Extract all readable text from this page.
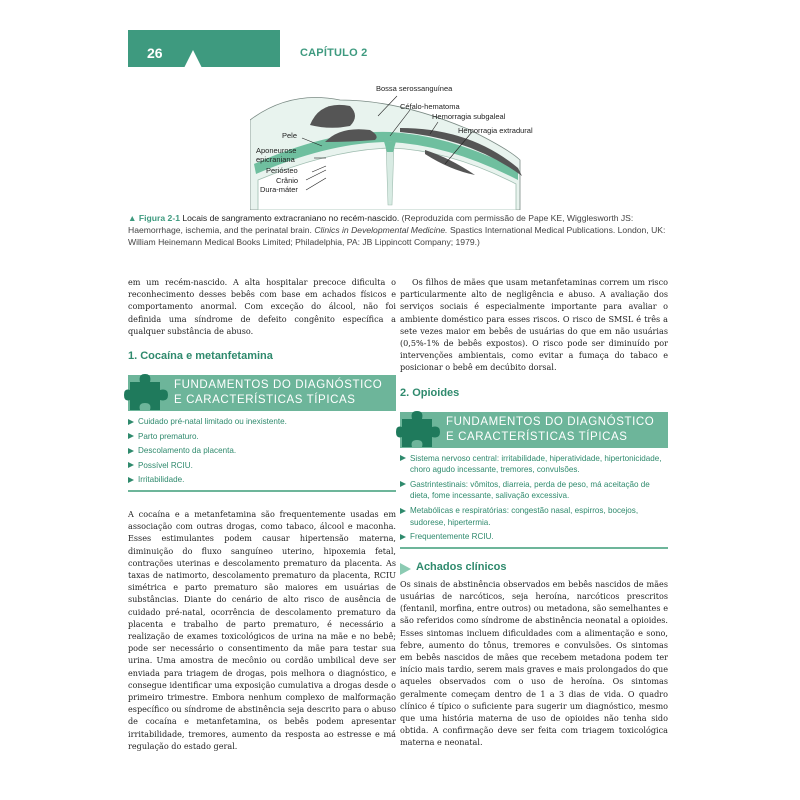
26	CAPÍTULO 2
Bossa serossanguínea
Céfalo-hematoma
Hemorragia subgaleal
Hemorragia extradural
Pele
Aponeurose
epicraniana
Periósteo
Crânio
Dura-máter
▲ Figura 2-1 Locais de sangramento extracraniano no recém-nascido. (Reproduzida com permissão de Pape KE, Wigglesworth JS: Haemorrhage, ischemia, and the perinatal brain. Clinics in Developmental Medicine. Spastics International Medical Publications. London, UK: William Heinemann Medical Books Limited; Philadelphia, PA: JB Lippincott Company; 1979.)

em um recém-nascido. A alta hospitalar precoce dificulta o reconhecimento desses bebês com base em achados físicos e comportamento anormal. Com exceção do álcool, não foi definida uma síndrome de defeito congênito específica a qualquer substância de abuso.

1. Cocaína e metanfetamina
FUNDAMENTOS DO DIAGNÓSTICO
E CARACTERÍSTICAS TÍPICAS
Cuidado pré-natal limitado ou inexistente.
Parto prematuro.
Descolamento da placenta.
Possível RCIU.
Irritabilidade.

A cocaína e a metanfetamina são frequentemente usadas em associação com outras drogas, como tabaco, álcool e maconha. Esses estimulantes podem causar hipertensão materna, diminuição do fluxo sanguíneo uterino, hipoxemia fetal, contrações uterinas e descolamento prematuro da placenta. As taxas de natimorto, descolamento prematuro da placenta, RCIU simétrica e parto prematuro são maiores em usuárias de substâncias. Diante do cenário de alto risco de ausência de cuidado pré-natal, ocorrência de descolamento prematuro da placenta e trabalho de parto prematuro, é necessário a realização de exames toxicológicos de urina na mãe e no bebê; pode ser necessário o consentimento da mãe para testar sua urina. Uma amostra de mecônio ou cordão umbilical deve ser enviada para triagem de drogas, pois melhora o diagnóstico, e consegue identificar uma exposição cumulativa a drogas desde o primeiro trimestre. Embora nenhum complexo de malformação específico ou síndrome de abstinência seja descrito para o abuso de cocaína e metanfetamina, os bebês podem apresentar irritabilidade, tremores, aumento da resposta ao estresse e má regulação do estado geral.

Os filhos de mães que usam metanfetaminas correm um risco particularmente alto de negligência e abuso. A avaliação dos serviços sociais é especialmente importante para avaliar o ambiente doméstico para esses riscos. O risco de SMSL é três a sete vezes maior em bebês de usuárias do que em não usuárias (0,5%-1% de bebês expostos). O risco pode ser diminuído por intervenções ambientais, como evitar a fumaça do tabaco e posicionar o bebê em decúbito dorsal.

2. Opioides
FUNDAMENTOS DO DIAGNÓSTICO
E CARACTERÍSTICAS TÍPICAS
Sistema nervoso central: irritabilidade, hiperatividade, hipertonicidade, choro agudo incessante, tremores, convulsões.
Gastrintestinais: vômitos, diarreia, perda de peso, má aceitação de dieta, fome incessante, salivação excessiva.
Metabólicas e respiratórias: congestão nasal, espirros, bocejos, sudorese, hipertermia.
Frequentemente RCIU.
Achados clínicos

Os sinais de abstinência observados em bebês nascidos de mães usuárias de narcóticos, seja heroína, narcóticos prescritos (fentanil, morfina, entre outros) ou metadona, são semelhantes e são referidos como síndrome de abstinência neonatal a opioides. Esses sintomas incluem dificuldades com a alimentação e sono, febre, aumento do tônus, tremores e convulsões. Os sintomas em bebês nascidos de mães que recebem metadona podem ter início mais tardio, serem mais graves e mais prolongados do que aqueles observados com o uso de heroína. Os sintomas geralmente começam dentro de 1 a 3 dias de vida. O quadro clínico é típico o suficiente para sugerir um diagnóstico, mesmo que uma história materna de uso de opioides não tenha sido obtida. A confirmação deve ser feita com triagem toxicológica materna e neonatal.
